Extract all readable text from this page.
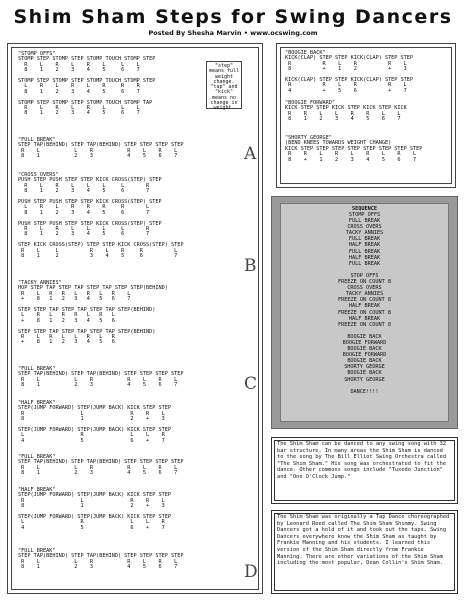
Shim Sham Steps for Swing Dancers
Posted By Shesha Marvin • www.ocswing.com
"STOMP OFFS"
STOMP STEP STOMP STEP STOMP TOUCH STOMP STEP
R    L    R    L    R    L     L    L
8    1    2    3    4    5     6    7

STOMP STEP STOMP STEP STOMP TOUCH STOMP STEP
L    R    L    R    L    R     R    R
8    1    2    3    4    5     6    7

STOMP STEP STOMP STEP STOMP TOUCH STOMP TAP
R    L    R    L    R    L     L    L
8    1    2    3    4    5     6    7
"step"
means full
weight
change.
"tap" and
"kick"
means no
change in
weight.
"FULL BREAK"
STEP TAP(BEHIND) STEP TAP(BEHIND) STEP STEP STEP STEP
R    L           L    R           R    L    R    L
8    1           2    3           4    5    6    7	A
"CROSS OVERS"
PUSH STEP PUSH STEP STEP KICK CROSS(STEP) STEP
R    L    R    L    L    L     L       R
8    1    2    3    4    5     6       7

PUSH STEP PUSH STEP STEP KICK CROSS(STEP) STEP
L    R    L    R    R    R     R       L
8    1    2    3    4    5     6       7

PUSH STEP PUSH STEP STEP KICK CROSS(STEP) STEP
R    L    R    L    L    L     L       R
8    1    2    3    4    5     6       7

STEP KICK CROSS(STEP) STEP STEP KICK CROSS(STEP) STEP
R    L     L          R    L    R     R          L
8    1     2          3    4    5     6          7	B
"TACKY ANNIES"
HOP STEP TAP STEP TAP STEP TAP STEP STEP(BEHIND)
R    L   R   R   L   R   L   R    L
+    8   1   2   3   4   5   6    7

STEP STEP TAP STEP TAP STEP TAP STEP(BEHIND)
L    R   L   R   R   L   R   L
+    8   1   2   3   4   5   6

STEP STEP TAP STEP TAP STEP TAP STEP(BEHIND)
R    L   R   L   L   R   L   R
+    8   1   2   3   4   5   6
"FULL BREAK"
STEP TAP(BEHIND) STEP TAP(BEHIND) STEP STEP STEP STEP
R    L           L    R           R    L    R    L
8    1           2    3           4    5    6    7	C
"HALF BREAK"
STEP(JUMP FORWARD) STEP(JUMP BACK) KICK STEP STEP
R                  L               R    R    L
8                  1               2    +    3

STEP(JUMP FORWARD) STEP(JUMP BACK) KICK STEP STEP
L                  R               L    L    R
4                  5               6    +    7
"FULL BREAK"
STEP TAP(BEHIND) STEP TAP(BEHIND) STEP STEP STEP STEP
R    L           L    R           R    L    R    L
8    1           2    3           4    5    6    7
"HALF BREAK"
STEP(JUMP FORWARD) STEP(JUMP BACK) KICK STEP STEP
R                  L               R    R    L
8                  1               2    +    3

STEP(JUMP FORWARD) STEP(JUMP BACK) KICK STEP STEP
L                  R               L    L    R
4                  5               6    +    7
"FULL BREAK"
STEP TAP(BEHIND) STEP TAP(BEHIND) STEP STEP STEP STEP
R    L           L    R           R    L    R    L
8    1           2    3           4    5    6    7	D
"BOOGIE BACK"
KICK(CLAP) STEP STEP KICK(CLAP) STEP STEP
R          R    L    R          R    L
8          +    1    2          +    3

KICK(CLAP) STEP STEP KICK(CLAP) STEP STEP
R          R    L    R          R    L
4          +    5    6          +    7
"BOOGIE FORWARD"
KICK STEP STEP KICK STEP KICK STEP KICK
R    R    L    L    R    R    L    L
8    1    2    3    4    5    6    7
"SHORTY GEORGE"
(BEND KNEES TOWARDS WEIGHT CHANGE)
KICK STEP STEP STEP STEP STEP STEP STEP STEP
R    R    L    R    L    R    L    R    L
8    +    1    2    3    4    5    6    7
SEQUENCE
STOMP OFFS
FULL BREAK
CROSS OVERS
TACKY ANNIES
FULL BREAK
HALF BREAK
FULL BREAK
HALF BREAK
FULL BREAK

STOP OFFS
FREEZE ON COUNT 8
CROSS OVERS
TACKY ANNIES
FREEZE ON COUNT 8
HALF BREAK
FREEZE ON COUNT 8
HALF BREAK
FREEZE ON COUNT 8

BOOGIE BACK
BOOGIE FORWARD
BOOGIE BACK
BOOGIE FORWARD
BOOGIE BACK
SHORTY GEORGE
BOOGIE BACK
SHORTY GEORGE

DANCE!!!!
The Shim Sham can be danced to any swing song with 32 bar structure. In many areas the Shim Sham is danced to the song by The Bill Elliot Swing Orchestra called "The Shim Sham." His song was orchestrated to fit the dance. Other commons songs include "Tuxedo Junction" and "One O'Clock Jump."
The Shim Sham was originally a Tap Dance choreographed by Leonard Reed called The Shim Sham Shimmy. Swing Dancers got a hold of it and took out the taps. Swing Dancers everywhere know the Shim Sham as taught by Frankie Manning and his students. I learned this version of the Shim Sham directly from Frankie Manning. There are other variations of the Shim Sham including the most popular, Dean Collin's Shim Sham.
